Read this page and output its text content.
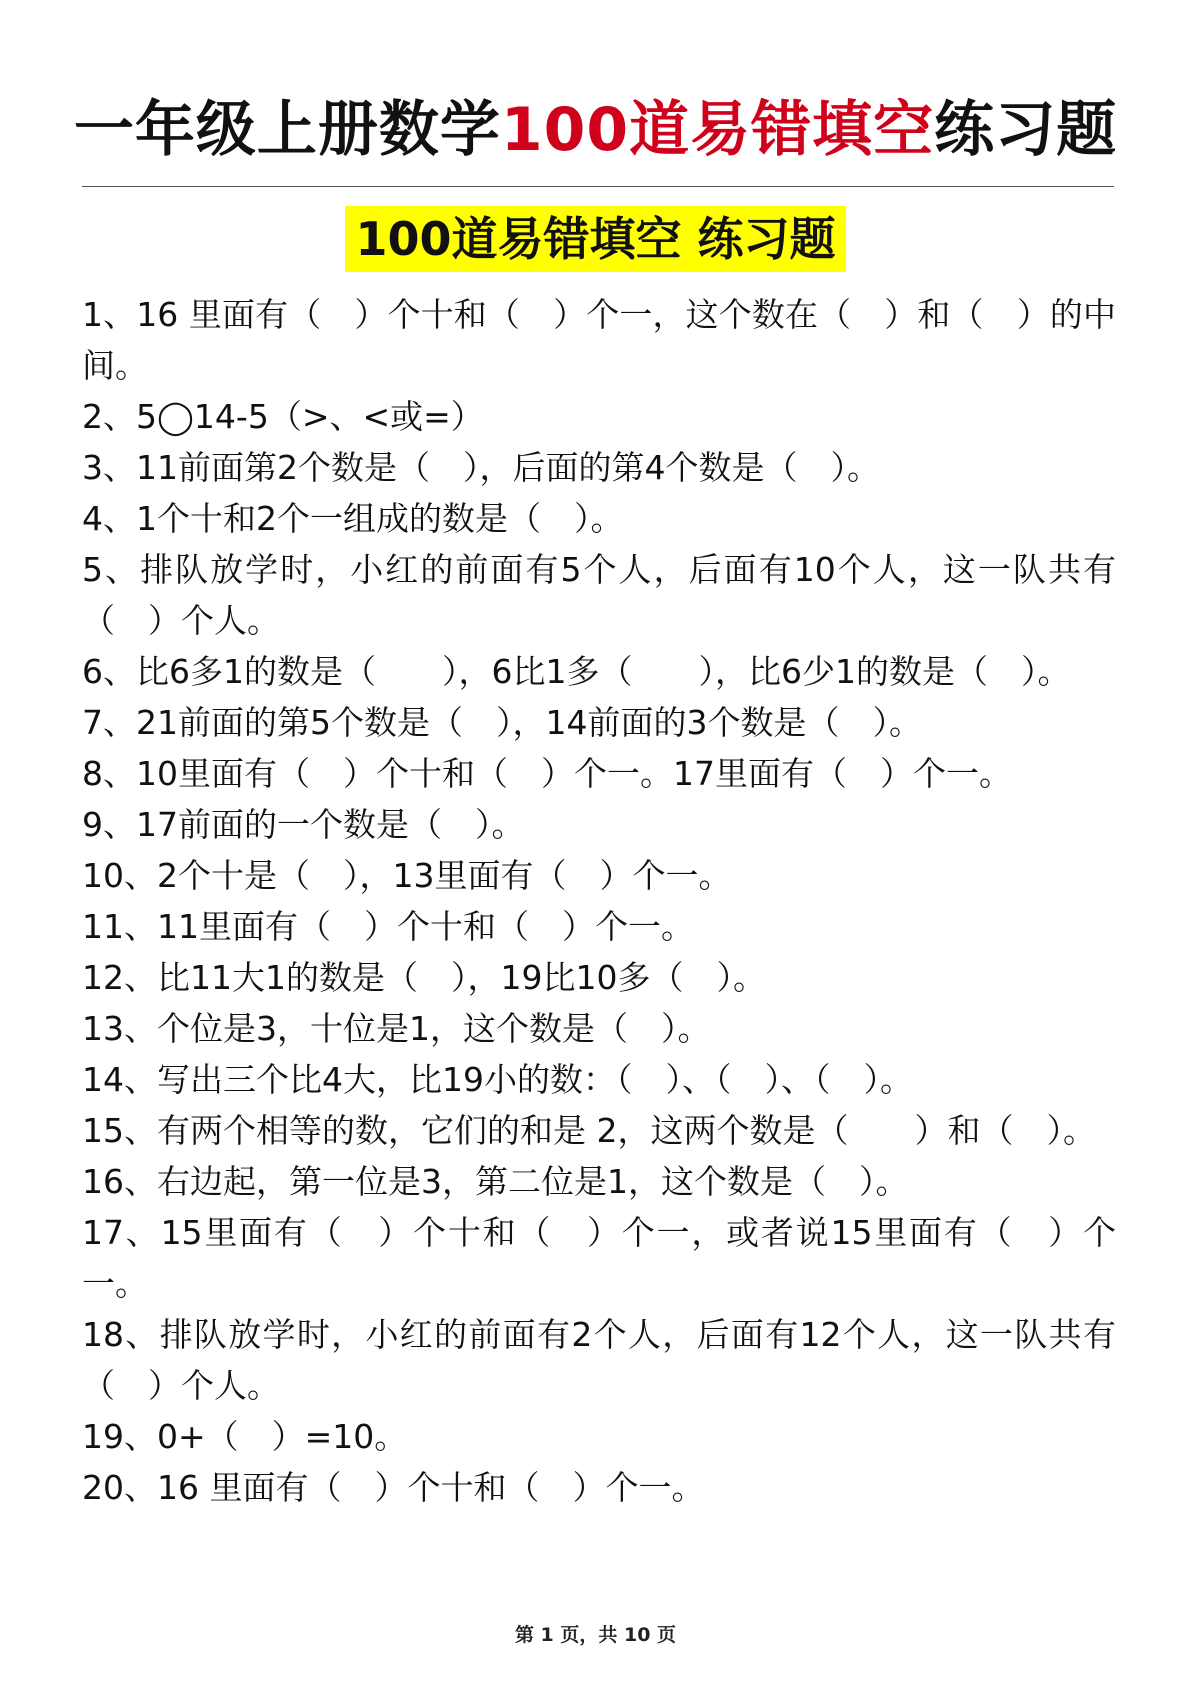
一年级上册数学100道易错填空练习题
100道易错填空 练习题
1、16 里面有（　）个十和（　）个一，这个数在（　）和（　）的中间。
2、5◯14-5（>、<或=）
3、11前面第2个数是（　），后面的第4个数是（　）。
4、1个十和2个一组成的数是（　）。
5、排队放学时，小红的前面有5个人，后面有10个人，这一队共有（　）个人。
6、比6多1的数是（　　），6比1多（　　），比6少1的数是（　）。
7、21前面的第5个数是（　），14前面的3个数是（　）。
8、10里面有（　）个十和（　）个一。17里面有（　）个一。
9、17前面的一个数是（　）。
10、2个十是（　），13里面有（　）个一。
11、11里面有（　）个十和（　）个一。
12、比11大1的数是（　），19比10多（　）。
13、个位是3，十位是1，这个数是（　）。
14、写出三个比4大，比19小的数：（　）、（　）、（　）。
15、有两个相等的数，它们的和是 2，这两个数是（　　）和（　）。
16、右边起，第一位是3，第二位是1，这个数是（　）。
17、15里面有（　）个十和（　）个一，或者说15里面有（　）个一。
18、排队放学时，小红的前面有2个人，后面有12个人，这一队共有（　）个人。
19、0+（　）=10。
20、16 里面有（　）个十和（　）个一。
第 1 页，共 10 页
